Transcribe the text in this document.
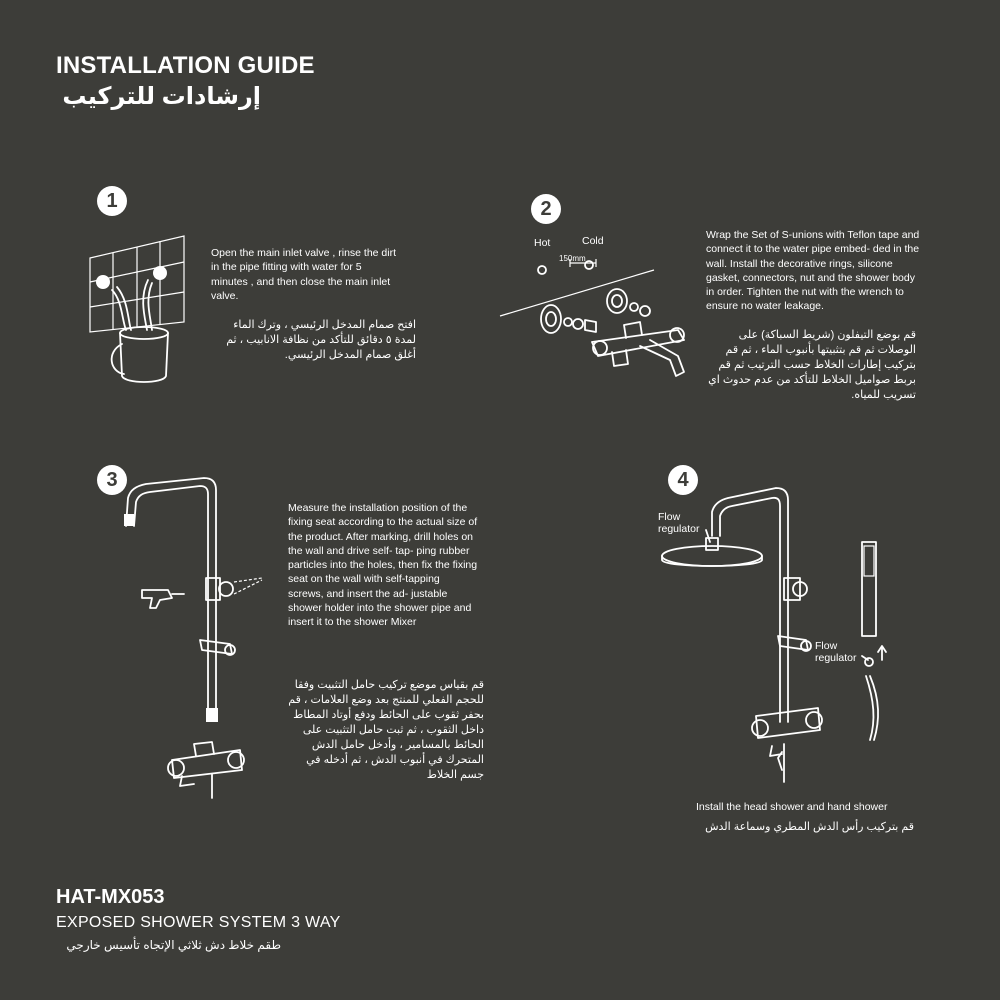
INSTALLATION GUIDE
إرشادات للتركيب
1
Open the main inlet valve , rinse the dirt in the pipe fitting with water for 5 minutes , and then close the main inlet valve.
افتح صمام المدخل الرئيسي ، وترك الماء لمدة ٥ دقائق للتأكد من نظافة الانابيب ، ثم أغلق صمام المدخل الرئيسي.
2
Hot	Cold
150mm
Wrap the Set of S-unions with Teflon tape and connect it to the water pipe embed- ded in the wall. Install the decorative rings, silicone gasket, connectors, nut and the shower body in order. Tighten the nut with the wrench to ensure no water leakage.
قم بوضع التيفلون (شريط السباكة) على الوصلات ثم قم بتثبيتها بأنبوب الماء ، ثم قم بتركيب إطارات الخلاط حسب الترتيب ثم قم بربط صواميل الخلاط للتأكد من عدم حدوث اي تسريب للمياه.
3
Measure the installation position of the fixing seat according to the actual size of the product. After marking, drill holes on the wall and drive self- tap- ping rubber particles into the holes, then fix the fixing seat on the wall with self-tapping screws, and insert the ad- justable shower holder into the shower pipe and insert it to the shower Mixer
قم بقياس موضع تركيب حامل التثبيت وفقا للحجم الفعلي للمنتج بعد وضع العلامات ، قم بحفر ثقوب على الحائط ودفع أوتاد المطاط داخل الثقوب ، ثم ثبت حامل التثبيت على الحائط بالمسامير ، وأدخل حامل الدش المتحرك في أنبوب الدش ، ثم أدخله في جسم الخلاط
4
Flow regulator
Flow regulator
Install the head shower and hand shower
قم بتركيب رأس الدش المطري وسماعة الدش
HAT-MX053
EXPOSED SHOWER SYSTEM 3 WAY
طقم خلاط دش ثلاثي الإتجاه تأسيس خارجي
